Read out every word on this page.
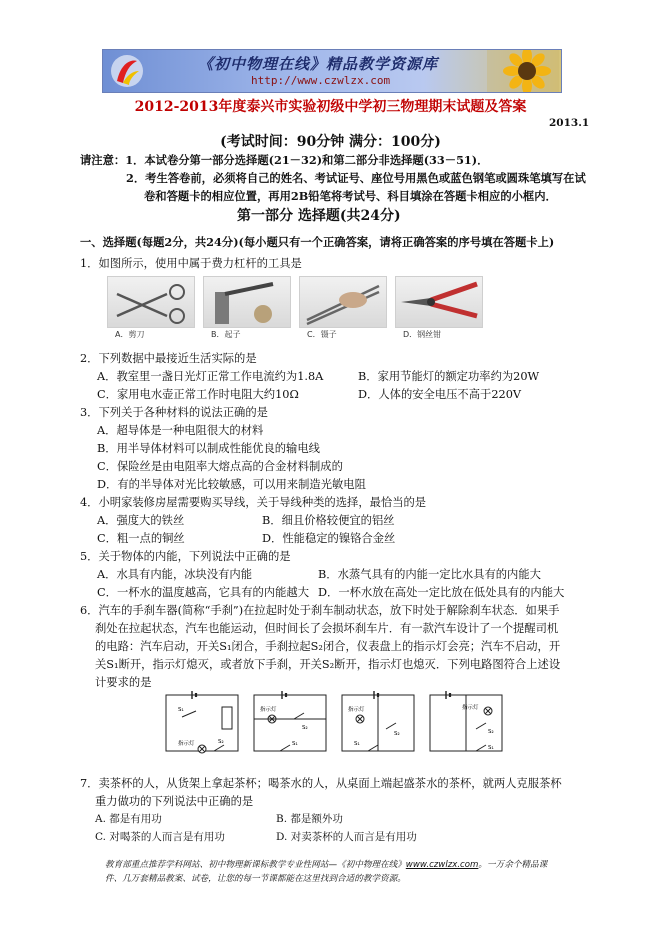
《初中物理在线》精品教学资源库
http://www.czwlzx.com
2012-2013年度泰兴市实验初级中学初三物理期末试题及答案
2013.1
(考试时间：90分钟 满分：100分)
请注意：1．本试卷分第一部分选择题(21－32)和第二部分非选择题(33－51)．
2．考生答卷前，必须将自己的姓名、考试证号、座位号用黑色或蓝色钢笔或圆珠笔填写在试
卷和答题卡的相应位置，再用2B铅笔将考试号、科目填涂在答题卡相应的小框内．
第一部分 选择题(共24分)
一、选择题(每题2分，共24分)(每小题只有一个正确答案，请将正确答案的序号填在答题卡上)
1．如图所示，使用中属于费力杠杆的工具是
A．剪刀	B．起子	C．镊子	D．钢丝钳
2．下列数据中最接近生活实际的是
A．教室里一盏日光灯正常工作电流约为1.8A	B．家用节能灯的额定功率约为20W
C．家用电水壶正常工作时电阻大约10Ω	D．人体的安全电压不高于220V
3．下列关于各种材料的说法正确的是
A．超导体是一种电阻很大的材料
B．用半导体材料可以制成性能优良的输电线
C．保险丝是由电阻率大熔点高的合金材料制成的
D．有的半导体对光比较敏感，可以用来制造光敏电阻
4．小明家装修房屋需要购买导线，关于导线种类的选择，最恰当的是
A．强度大的铁丝	B．细且价格较便宜的铝丝
C．粗一点的铜丝	D．性能稳定的镍铬合金丝
5．关于物体的内能，下列说法中正确的是
A．水具有内能，冰块没有内能	B．水蒸气具有的内能一定比水具有的内能大
C．一杯水的温度越高，它具有的内能越大 D．一杯水放在高处一定比放在低处具有的内能大
6．汽车的手刹车器(简称“手刹”)在拉起时处于刹车制动状态，放下时处于解除刹车状态．如果手
刹处在拉起状态，汽车也能运动，但时间长了会损坏刹车片．有一款汽车设计了一个提醒司机
的电路：汽车启动，开关S₁闭合，手刹拉起S₂闭合，仪表盘上的指示灯会亮；汽车不启动，开
关S₁断开，指示灯熄灭，或者放下手刹，开关S₂断开，指示灯也熄灭．下列电路图符合上述设
计要求的是
S₁
指示灯	S₂
指示灯
S₂
S₁
指示灯
S₂
S₁
指示灯
S₂
S₁
7．卖茶杯的人，从货架上拿起茶杯；喝茶水的人，从桌面上端起盛茶水的茶杯，就两人克服茶杯
重力做功的下列说法中正确的是
A. 都是有用功	B. 都是额外功
C. 对喝茶的人而言是有用功	D. 对卖茶杯的人而言是有用功
教育部重点推荐学科网站、初中物理新课标教学专业性网站—《初中物理在线》www.czwlzx.com。一万余个精品课
件、几万套精品教案、试卷，让您的每一节课都能在这里找到合适的教学资源。
